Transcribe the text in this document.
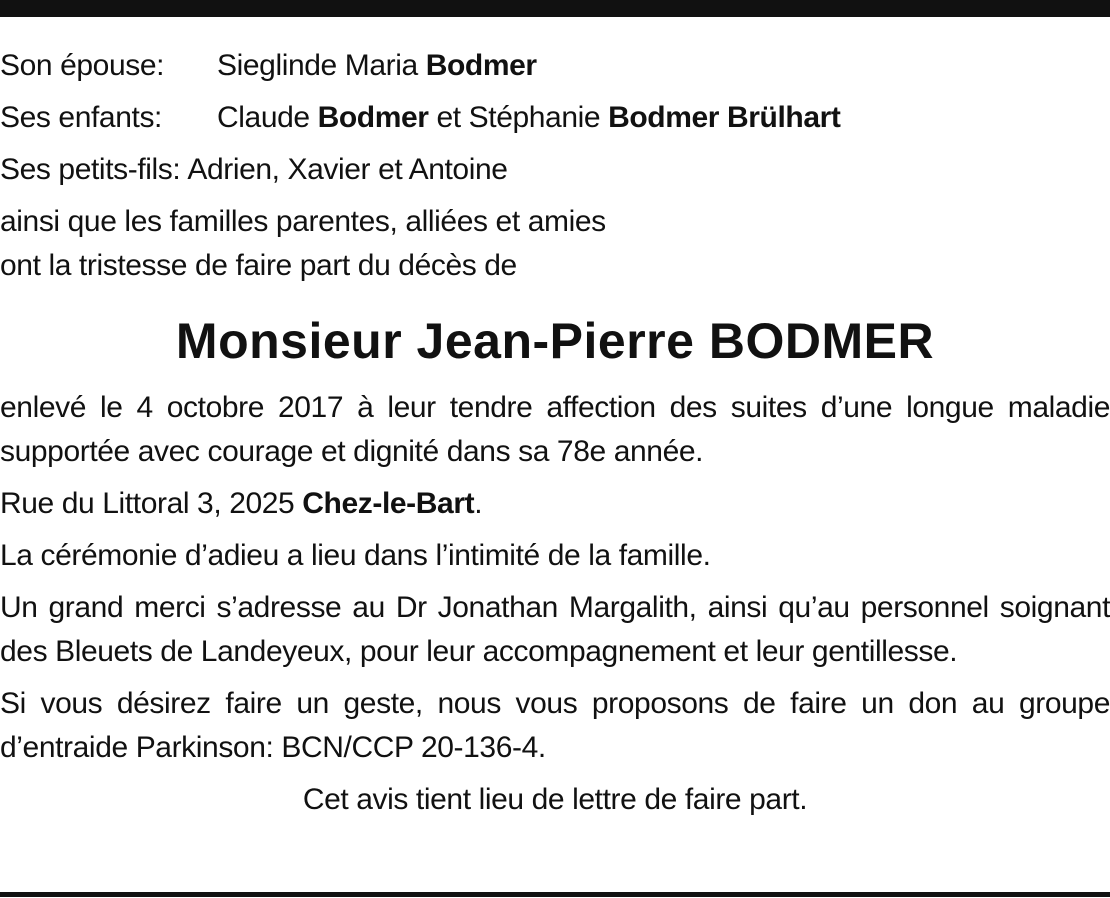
Son épouse:	Sieglinde Maria Bodmer
Ses enfants:	Claude Bodmer et Stéphanie Bodmer Brülhart
Ses petits-fils: Adrien, Xavier et Antoine

ainsi que les familles parentes, alliées et amies
ont la tristesse de faire part du décès de

Monsieur Jean-Pierre BODMER

enlevé le 4 octobre 2017 à leur tendre affection des suites d’une longue maladie supportée avec courage et dignité dans sa 78e année.

Rue du Littoral 3, 2025 Chez-le-Bart.

La cérémonie d’adieu a lieu dans l’intimité de la famille.

Un grand merci s’adresse au Dr Jonathan Margalith, ainsi qu’au personnel soignant des Bleuets de Landeyeux, pour leur accompagnement et leur gentillesse.

Si vous désirez faire un geste, nous vous proposons de faire un don au groupe d’entraide Parkinson: BCN/CCP 20-136-4.

Cet avis tient lieu de lettre de faire part.
